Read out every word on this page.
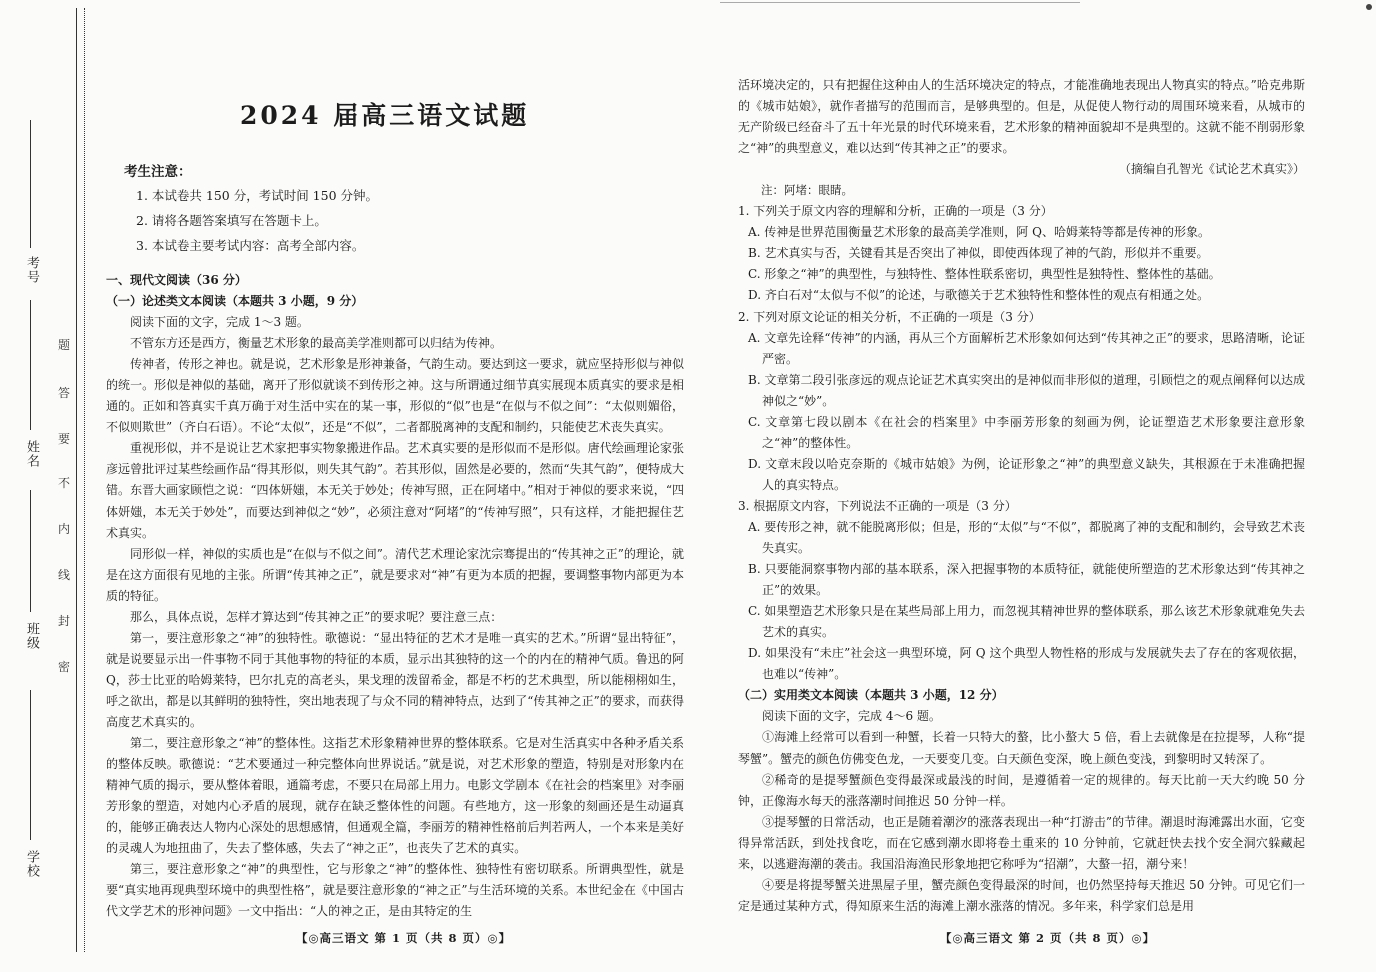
考号
姓名
班级
学校
题
答
要
不
内
线
封
密
2024 届高三语文试题
考生注意：
1. 本试卷共 150 分，考试时间 150 分钟。
2. 请将各题答案填写在答题卡上。
3. 本试卷主要考试内容：高考全部内容。

一、现代文阅读（36 分）

（一）论述类文本阅读（本题共 3 小题，9 分）

阅读下面的文字，完成 1～3 题。

不管东方还是西方，衡量艺术形象的最高美学准则都可以归结为传神。

传神者，传形之神也。就是说，艺术形象是形神兼备，气韵生动。要达到这一要求，就应坚持形似与神似的统一。形似是神似的基础，离开了形似就谈不到传形之神。这与所谓通过细节真实展现本质真实的要求是相通的。正如和答真实千真万确于对生活中实在的某一事，形似的“似”也是“在似与不似之间”：“太似则媚俗，不似则欺世”（齐白石语）。不论“太似”，还是“不似”，二者都脱离神的支配和制约，只能使艺术丧失真实。

重视形似，并不是说让艺术家把事实物象搬进作品。艺术真实要的是形似而不是形似。唐代绘画理论家张彦远曾批评过某些绘画作品“得其形似，则失其气韵”。若其形似，固然是必要的，然而“失其气韵”，便特成大错。东晋大画家顾恺之说：“四体妍媸，本无关于妙处；传神写照，正在阿堵中。”相对于神似的要求来说，“四体妍媸，本无关于妙处”，而要达到神似之“妙”，必须注意对“阿堵”的“传神写照”，只有这样，才能把握住艺术真实。

同形似一样，神似的实质也是“在似与不似之间”。清代艺术理论家沈宗骞提出的“传其神之正”的理论，就是在这方面很有见地的主张。所谓“传其神之正”，就是要求对“神”有更为本质的把握，要调整事物内部更为本质的特征。

那么，具体点说，怎样才算达到“传其神之正”的要求呢？要注意三点：

第一，要注意形象之“神”的独特性。歌德说：“显出特征的艺术才是唯一真实的艺术。”所谓“显出特征”，就是说要显示出一件事物不同于其他事物的特征的本质，显示出其独特的这一个的内在的精神气质。鲁迅的阿 Q，莎士比亚的哈姆莱特，巴尔扎克的高老头，果戈理的泼留希金，都是不朽的艺术典型，所以能栩栩如生，呼之欲出，都是以其鲜明的独特性，突出地表现了与众不同的精神特点，达到了“传其神之正”的要求，而获得高度艺术真实的。

第二，要注意形象之“神”的整体性。这指艺术形象精神世界的整体联系。它是对生活真实中各种矛盾关系的整体反映。歌德说：“艺术要通过一种完整体向世界说话。”就是说，对艺术形象的塑造，特别是对形象内在精神气质的揭示，要从整体着眼，通篇考虑，不要只在局部上用力。电影文学剧本《在社会的档案里》对李丽芳形象的塑造，对她内心矛盾的展现，就存在缺乏整体性的问题。有些地方，这一形象的刻画还是生动逼真的，能够正确表达人物内心深处的思想感情，但通观全篇，李丽芳的精神性格前后判若两人，一个本来是美好的灵魂人为地扭曲了，失去了整体感，失去了“神之正”，也丧失了艺术的真实。

第三，要注意形象之“神”的典型性，它与形象之“神”的整体性、独特性有密切联系。所谓典型性，就是要“真实地再现典型环境中的典型性格”，就是要注意形象的“神之正”与生活环境的关系。本世纪金在《中国古代文学艺术的形神问题》一文中指出：“人的神之正，是由其特定的生

活环境决定的，只有把握住这种由人的生活环境决定的特点，才能准确地表现出人物真实的特点。”哈克弗斯的《城市姑娘》，就作者描写的范围而言，是够典型的。但是，从促使人物行动的周围环境来看，从城市的无产阶级已经奋斗了五十年光景的时代环境来看，艺术形象的精神面貌却不是典型的。这就不能不削弱形象之“神”的典型意义，难以达到“传其神之正”的要求。

（摘编自孔智光《试论艺术真实》）

注：阿堵：眼睛。

1. 下列关于原文内容的理解和分析，正确的一项是（3 分）

A. 传神是世界范围衡量艺术形象的最高美学准则，阿 Q、哈姆莱特等都是传神的形象。

B. 艺术真实与否，关键看其是否突出了神似，即使西体现了神的气韵，形似并不重要。

C. 形象之“神”的典型性，与独特性、整体性联系密切，典型性是独特性、整体性的基础。

D. 齐白石对“太似与不似”的论述，与歌德关于艺术独特性和整体性的观点有相通之处。

2. 下列对原文论证的相关分析，不正确的一项是（3 分）

A. 文章先诠释“传神”的内涵，再从三个方面解析艺术形象如何达到“传其神之正”的要求，思路清晰，论证严密。

B. 文章第二段引张彦远的观点论证艺术真实突出的是神似而非形似的道理，引顾恺之的观点阐释何以达成神似之“妙”。

C. 文章第七段以剧本《在社会的档案里》中李丽芳形象的刻画为例，论证塑造艺术形象要注意形象之“神”的整体性。

D. 文章末段以哈克奈斯的《城市姑娘》为例，论证形象之“神”的典型意义缺失，其根源在于未准确把握人的真实特点。

3. 根据原文内容，下列说法不正确的一项是（3 分）

A. 要传形之神，就不能脱离形似；但是，形的“太似”与“不似”，都脱离了神的支配和制约，会导致艺术丧失真实。

B. 只要能洞察事物内部的基本联系，深入把握事物的本质特征，就能使所塑造的艺术形象达到“传其神之正”的效果。

C. 如果塑造艺术形象只是在某些局部上用力，而忽视其精神世界的整体联系，那么该艺术形象就难免失去艺术的真实。

D. 如果没有“未庄”社会这一典型环境，阿 Q 这个典型人物性格的形成与发展就失去了存在的客观依据，也难以“传神”。

（二）实用类文本阅读（本题共 3 小题，12 分）

阅读下面的文字，完成 4～6 题。

①海滩上经常可以看到一种蟹，长着一只特大的螯，比小螯大 5 倍，看上去就像是在拉提琴，人称“提琴蟹”。蟹壳的颜色仿佛变色龙，一天要变几变。白天颜色变深，晚上颜色变浅，到黎明时又转深了。

②稀奇的是提琴蟹颜色变得最深或最浅的时间，是遵循着一定的规律的。每天比前一天大约晚 50 分钟，正像海水每天的涨落潮时间推迟 50 分钟一样。

③提琴蟹的日常活动，也正是随着潮汐的涨落表现出一种“打游击”的节律。潮退时海滩露出水面，它变得异常活跃，到处找食吃，而在它感到潮水即将卷土重来的 10 分钟前，它就赶快去找个安全洞穴躲藏起来，以逃避海潮的袭击。我国沿海渔民形象地把它称呼为“招潮”，大螯一招，潮兮来！

④要是将提琴蟹关进黑屋子里，蟹壳颜色变得最深的时间，也仍然坚持每天推迟 50 分钟。可见它们一定是通过某种方式，得知原来生活的海滩上潮水涨落的情况。多年来，科学家们总是用

【◎高三语文 第 1 页（共 8 页）◎】	【◎高三语文 第 2 页（共 8 页）◎】
